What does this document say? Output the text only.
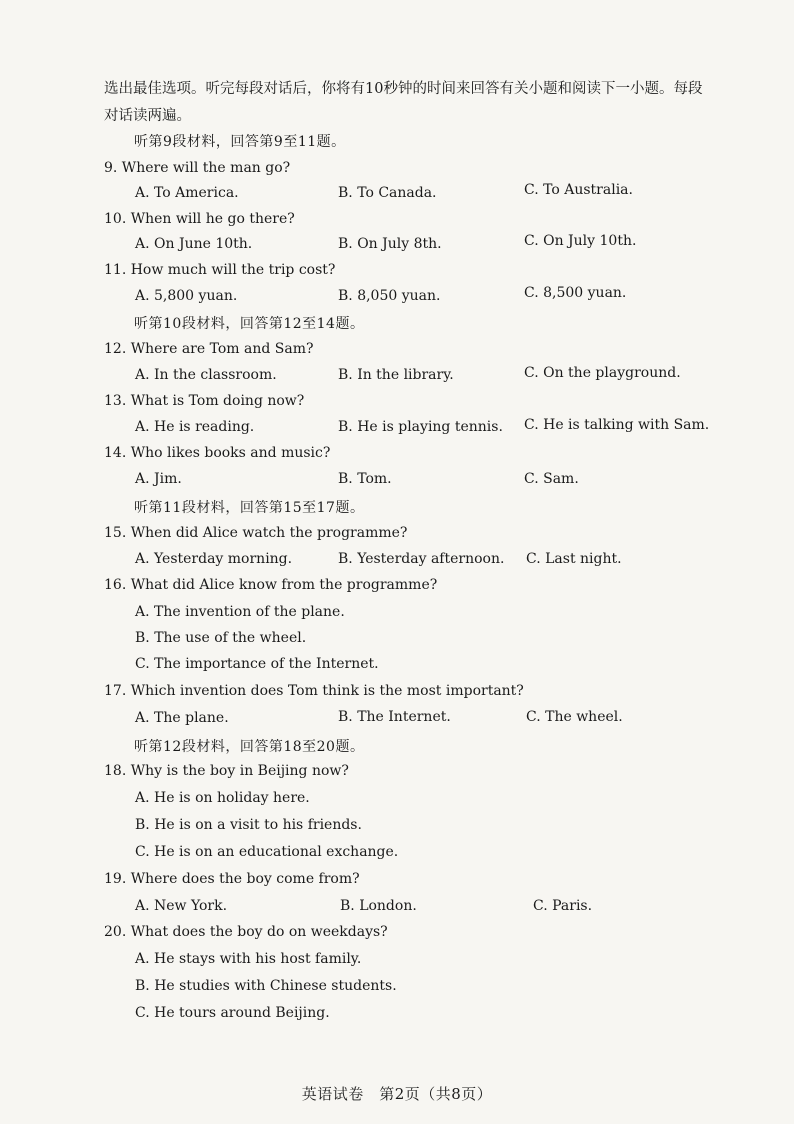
选出最佳选项。听完每段对话后，你将有10秒钟的时间来回答有关小题和阅读下一小题。每段对话读两遍。
听第9段材料，回答第9至11题。
9. Where will the man go?
A. To America.	B. To Canada.	C. To Australia.
10. When will he go there?
A. On June 10th.	B. On July 8th.	C. On July 10th.
11. How much will the trip cost?
A. 5,800 yuan.	B. 8,050 yuan.	C. 8,500 yuan.
听第10段材料，回答第12至14题。
12. Where are Tom and Sam?
A. In the classroom.	B. In the library.	C. On the playground.
13. What is Tom doing now?
A. He is reading.	B. He is playing tennis. C. He is talking with Sam.
14. Who likes books and music?
A. Jim.	B. Tom.	C. Sam.
听第11段材料，回答第15至17题。
15. When did Alice watch the programme?
A. Yesterday morning.	B. Yesterday afternoon. C. Last night.
16. What did Alice know from the programme?
A. The invention of the plane.
B. The use of the wheel.
C. The importance of the Internet.
17. Which invention does Tom think is the most important?
A. The plane.	B. The Internet.	C. The wheel.
听第12段材料，回答第18至20题。
18. Why is the boy in Beijing now?
A. He is on holiday here.
B. He is on a visit to his friends.
C. He is on an educational exchange.
19. Where does the boy come from?
A. New York.	B. London.	C. Paris.
20. What does the boy do on weekdays?
A. He stays with his host family.
B. He studies with Chinese students.
C. He tours around Beijing.
英语试卷　第2页（共8页）
